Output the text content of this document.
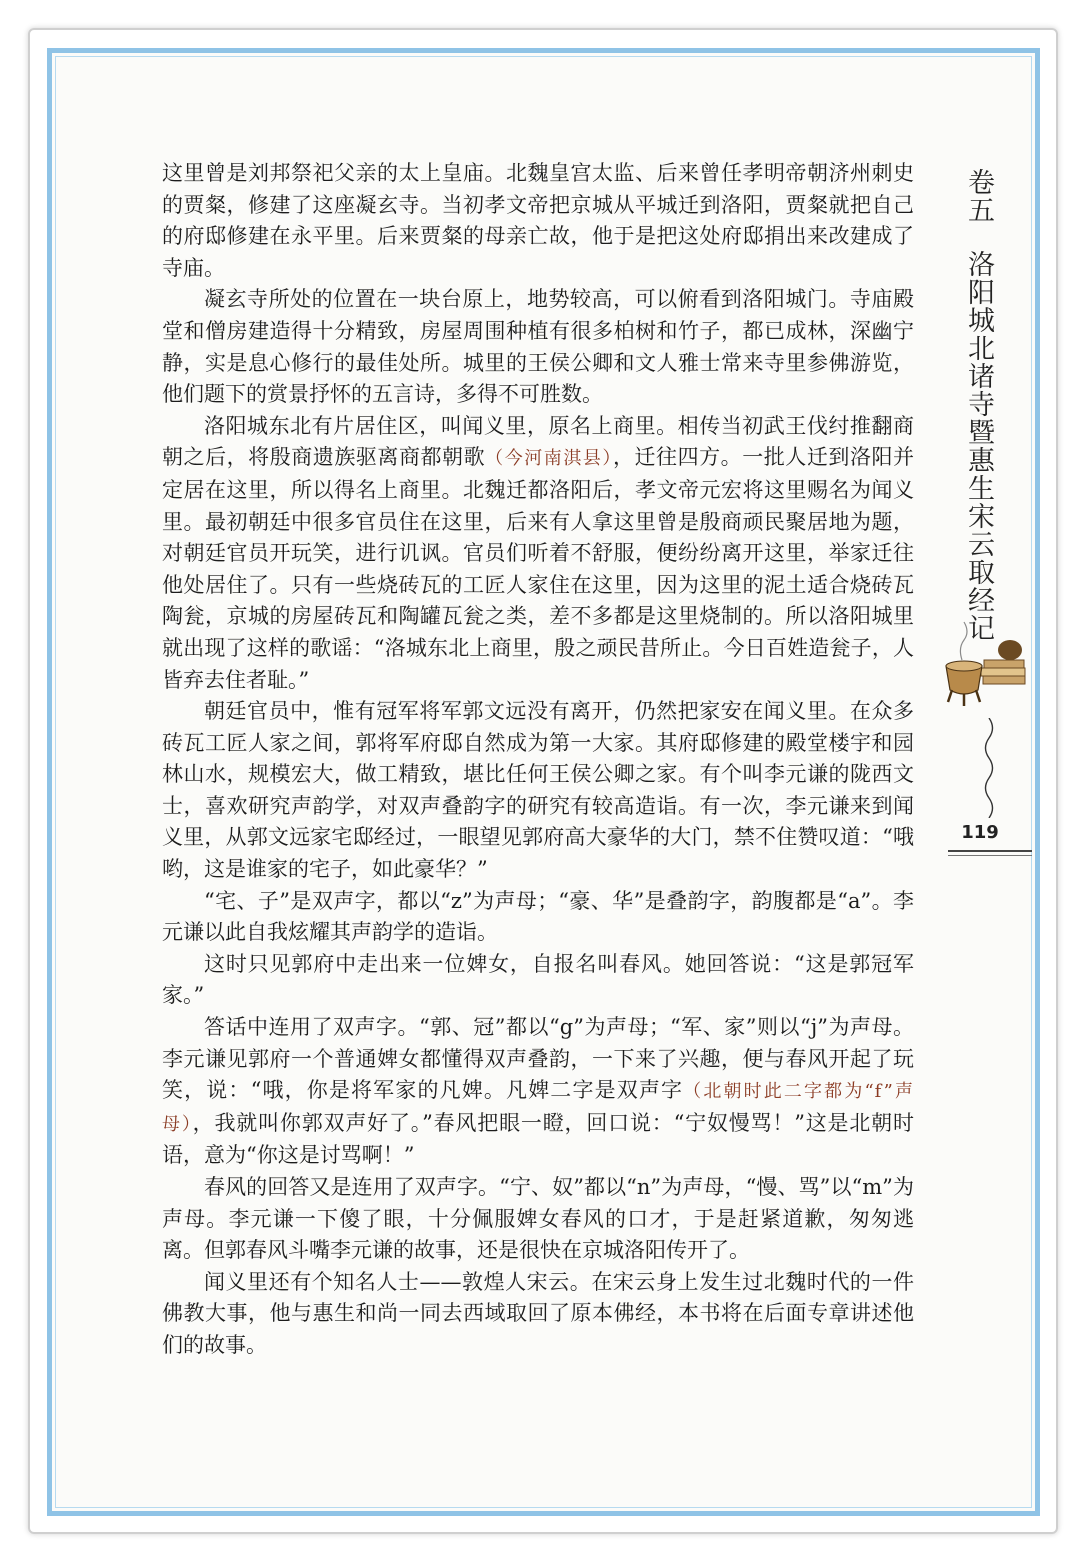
这里曾是刘邦祭祀父亲的太上皇庙。北魏皇宫太监、后来曾任孝明帝朝济州刺史的贾粲，修建了这座凝玄寺。当初孝文帝把京城从平城迁到洛阳，贾粲就把自己的府邸修建在永平里。后来贾粲的母亲亡故，他于是把这处府邸捐出来改建成了寺庙。

凝玄寺所处的位置在一块台原上，地势较高，可以俯看到洛阳城门。寺庙殿堂和僧房建造得十分精致，房屋周围种植有很多柏树和竹子，都已成林，深幽宁静，实是息心修行的最佳处所。城里的王侯公卿和文人雅士常来寺里参佛游览，他们题下的赏景抒怀的五言诗，多得不可胜数。

洛阳城东北有片居住区，叫闻义里，原名上商里。相传当初武王伐纣推翻商朝之后，将殷商遗族驱离商都朝歌（今河南淇县），迁往四方。一批人迁到洛阳并定居在这里，所以得名上商里。北魏迁都洛阳后，孝文帝元宏将这里赐名为闻义里。最初朝廷中很多官员住在这里，后来有人拿这里曾是殷商顽民聚居地为题，对朝廷官员开玩笑，进行讥讽。官员们听着不舒服，便纷纷离开这里，举家迁往他处居住了。只有一些烧砖瓦的工匠人家住在这里，因为这里的泥土适合烧砖瓦陶瓮，京城的房屋砖瓦和陶罐瓦瓮之类，差不多都是这里烧制的。所以洛阳城里就出现了这样的歌谣：“洛城东北上商里，殷之顽民昔所止。今日百姓造瓮子，人皆弃去住者耻。”

朝廷官员中，惟有冠军将军郭文远没有离开，仍然把家安在闻义里。在众多砖瓦工匠人家之间，郭将军府邸自然成为第一大家。其府邸修建的殿堂楼宇和园林山水，规模宏大，做工精致，堪比任何王侯公卿之家。有个叫李元谦的陇西文士，喜欢研究声韵学，对双声叠韵字的研究有较高造诣。有一次，李元谦来到闻义里，从郭文远家宅邸经过，一眼望见郭府高大豪华的大门，禁不住赞叹道：“哦哟，这是谁家的宅子，如此豪华？”

“宅、子”是双声字，都以“z”为声母；“豪、华”是叠韵字，韵腹都是“a”。李元谦以此自我炫耀其声韵学的造诣。

这时只见郭府中走出来一位婢女，自报名叫春风。她回答说：“这是郭冠军家。”

答话中连用了双声字。“郭、冠”都以“g”为声母；“军、家”则以“j”为声母。李元谦见郭府一个普通婢女都懂得双声叠韵，一下来了兴趣，便与春风开起了玩笑，说：“哦，你是将军家的凡婢。凡婢二字是双声字（北朝时此二字都为“f”声母），我就叫你郭双声好了。”春风把眼一瞪，回口说：“宁奴慢骂！”这是北朝时语，意为“你这是讨骂啊！”

春风的回答又是连用了双声字。“宁、奴”都以“n”为声母，“慢、骂”以“m”为声母。李元谦一下傻了眼，十分佩服婢女春风的口才，于是赶紧道歉，匆匆逃离。但郭春风斗嘴李元谦的故事，还是很快在京城洛阳传开了。

闻义里还有个知名人士——敦煌人宋云。在宋云身上发生过北魏时代的一件佛教大事，他与惠生和尚一同去西域取回了原本佛经，本书将在后面专章讲述他们的故事。

卷五洛阳城北诸寺暨惠生宋云取经记
119
